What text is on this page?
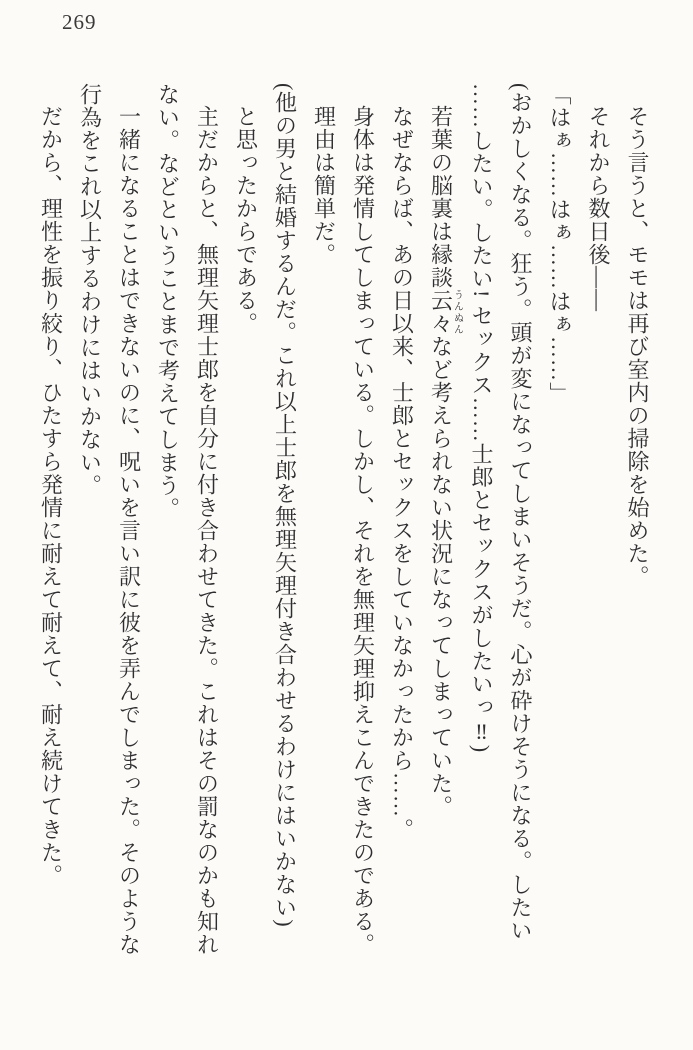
269
そう言うと、モモは再び室内の掃除を始めた。
それから数日後――
「はぁ……はぁ……はぁ……」
(おかしくなる。狂う。頭が変になってしまいそうだ。心が砕けそうになる。したい
……したい。したい! セックス……士郎とセックスがしたいっ‼)
若葉の脳裏は縁談云々うんぬんなど考えられない状況になってしまっていた。
なぜならば、あの日以来、士郎とセックスをしていなかったから……。
身体は発情してしまっている。しかし、それを無理矢理抑えこんできたのである。
理由は簡単だ。
(他の男と結婚するんだ。これ以上士郎を無理矢理付き合わせるわけにはいかない)
と思ったからである。
主だからと、無理矢理士郎を自分に付き合わせてきた。これはその罰なのかも知れ
ない。などということまで考えてしまう。
一緒になることはできないのに、呪いを言い訳に彼を弄んでしまった。そのような
行為をこれ以上するわけにはいかない。
だから、理性を振り絞り、ひたすら発情に耐えて耐えて、耐え続けてきた。
